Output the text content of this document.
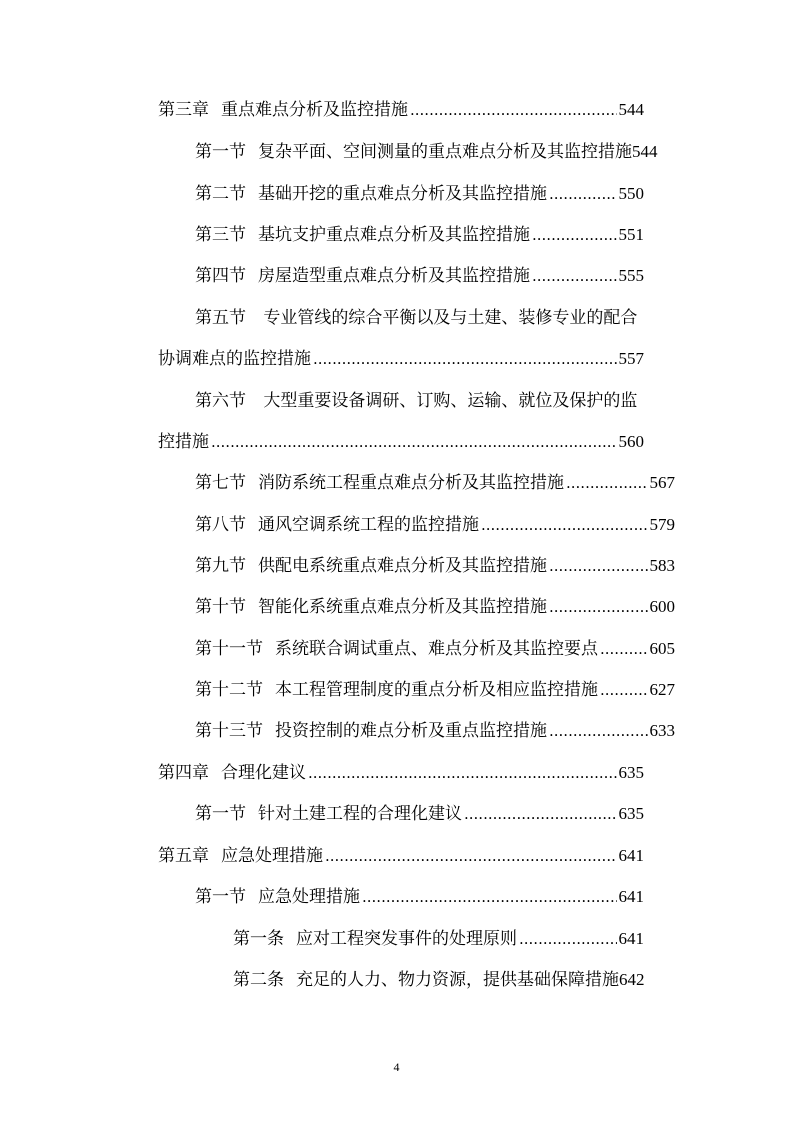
第三章 重点难点分析及监控措施 .....	544
第一节 复杂平面、空间测量的重点难点分析及其监控措施 544
第二节 基础开挖的重点难点分析及其监控措施 .....	550
第三节 基坑支护重点难点分析及其监控措施 .....	551
第四节 房屋造型重点难点分析及其监控措施 .....	555
第五节 专业管线的综合平衡以及与土建、装修专业的配合
协调难点的监控措施 .....	557
第六节 大型重要设备调研、订购、运输、就位及保护的监
控措施 .....	560
第七节 消防系统工程重点难点分析及其监控措施 .....	567
第八节 通风空调系统工程的监控措施 .....	579
第九节 供配电系统重点难点分析及其监控措施 .....	583
第十节 智能化系统重点难点分析及其监控措施 .....	600
第十一节 系统联合调试重点、难点分析及其监控要点 .....	605
第十二节 本工程管理制度的重点分析及相应监控措施 .....	627
第十三节 投资控制的难点分析及重点监控措施 .....	633
第四章 合理化建议 .....	635
第一节 针对土建工程的合理化建议 .....	635
第五章 应急处理措施 .....	641
第一节 应急处理措施 .....	641
第一条 应对工程突发事件的处理原则 .....	641
第二条 充足的人力、物力资源，提供基础保障措施 642
4
